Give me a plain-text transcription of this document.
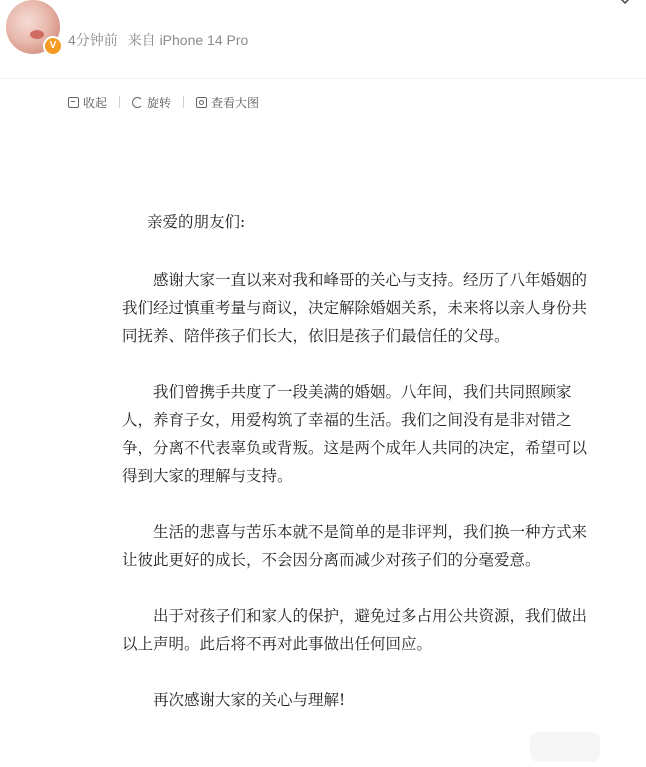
V 4分钟前 来自 iPhone 14 Pro
收起	旋转	查看大图

亲爱的朋友们:

感谢大家一直以来对我和峰哥的关心与支持。经历了八年婚姻的我们经过慎重考量与商议，决定解除婚姻关系，未来将以亲人身份共同抚养、陪伴孩子们长大，依旧是孩子们最信任的父母。

我们曾携手共度了一段美满的婚姻。八年间，我们共同照顾家人，养育子女，用爱构筑了幸福的生活。我们之间没有是非对错之争，分离不代表辜负或背叛。这是两个成年人共同的决定，希望可以得到大家的理解与支持。

生活的悲喜与苦乐本就不是简单的是非评判，我们换一种方式来让彼此更好的成长，不会因分离而减少对孩子们的分毫爱意。

出于对孩子们和家人的保护，避免过多占用公共资源，我们做出以上声明。此后将不再对此事做出任何回应。

再次感谢大家的关心与理解!
